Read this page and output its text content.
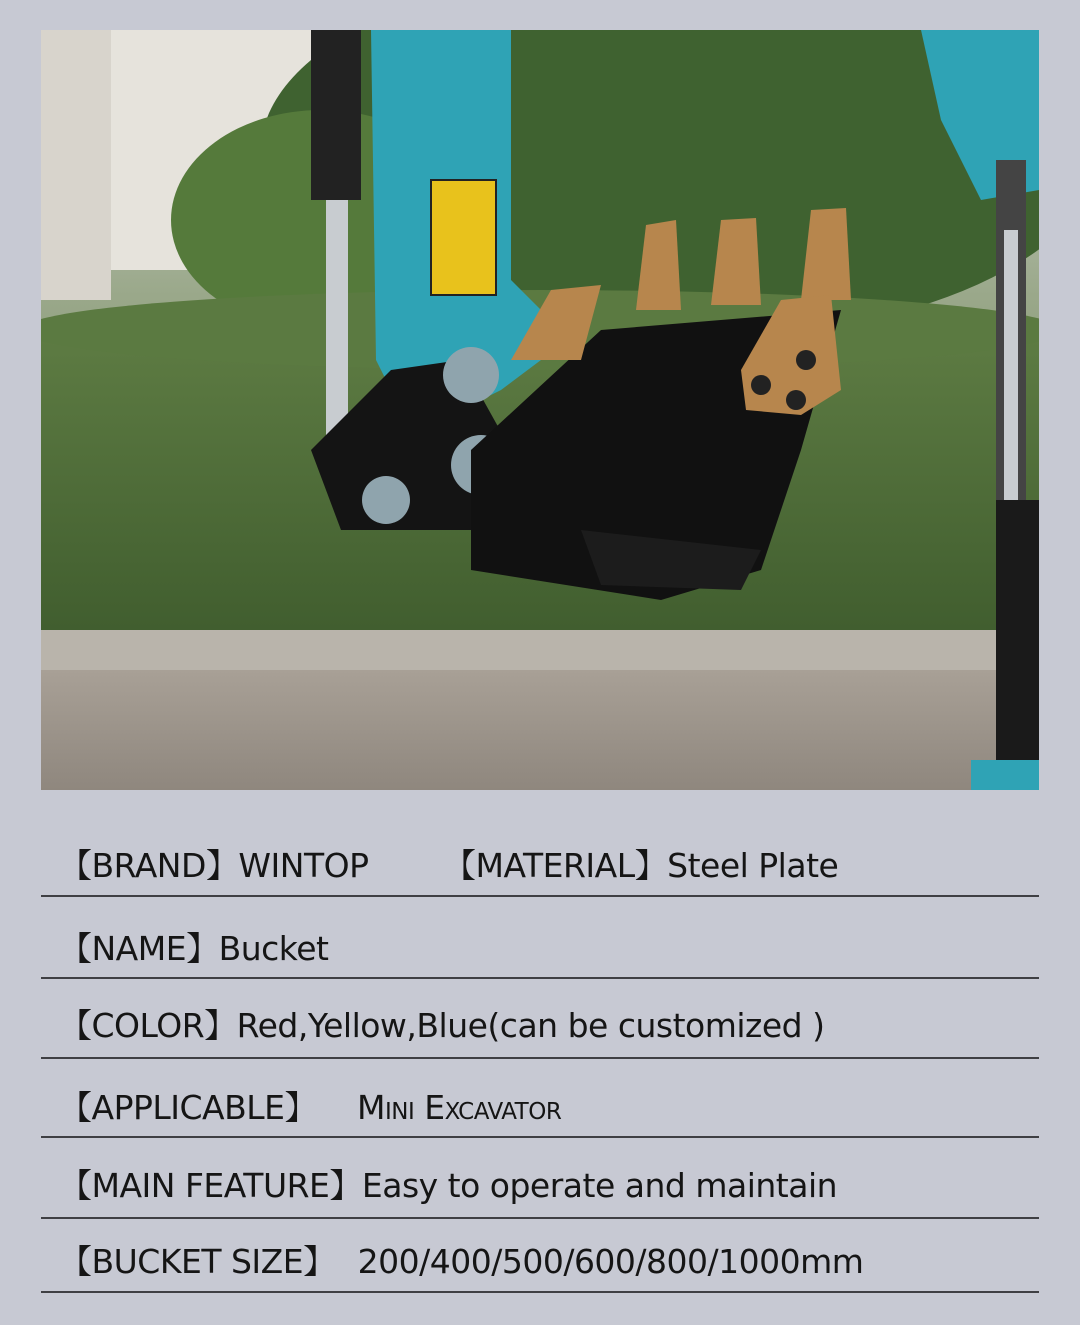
【BRAND】WINTOP 【MATERIAL】Steel Plate
【NAME】Bucket
【COLOR】Red,Yellow,Blue(can be customized )
【APPLICABLE】 Mini Excavator
【MAIN FEATURE】Easy to operate and maintain
【BUCKET SIZE】 200/400/500/600/800/1000mm
